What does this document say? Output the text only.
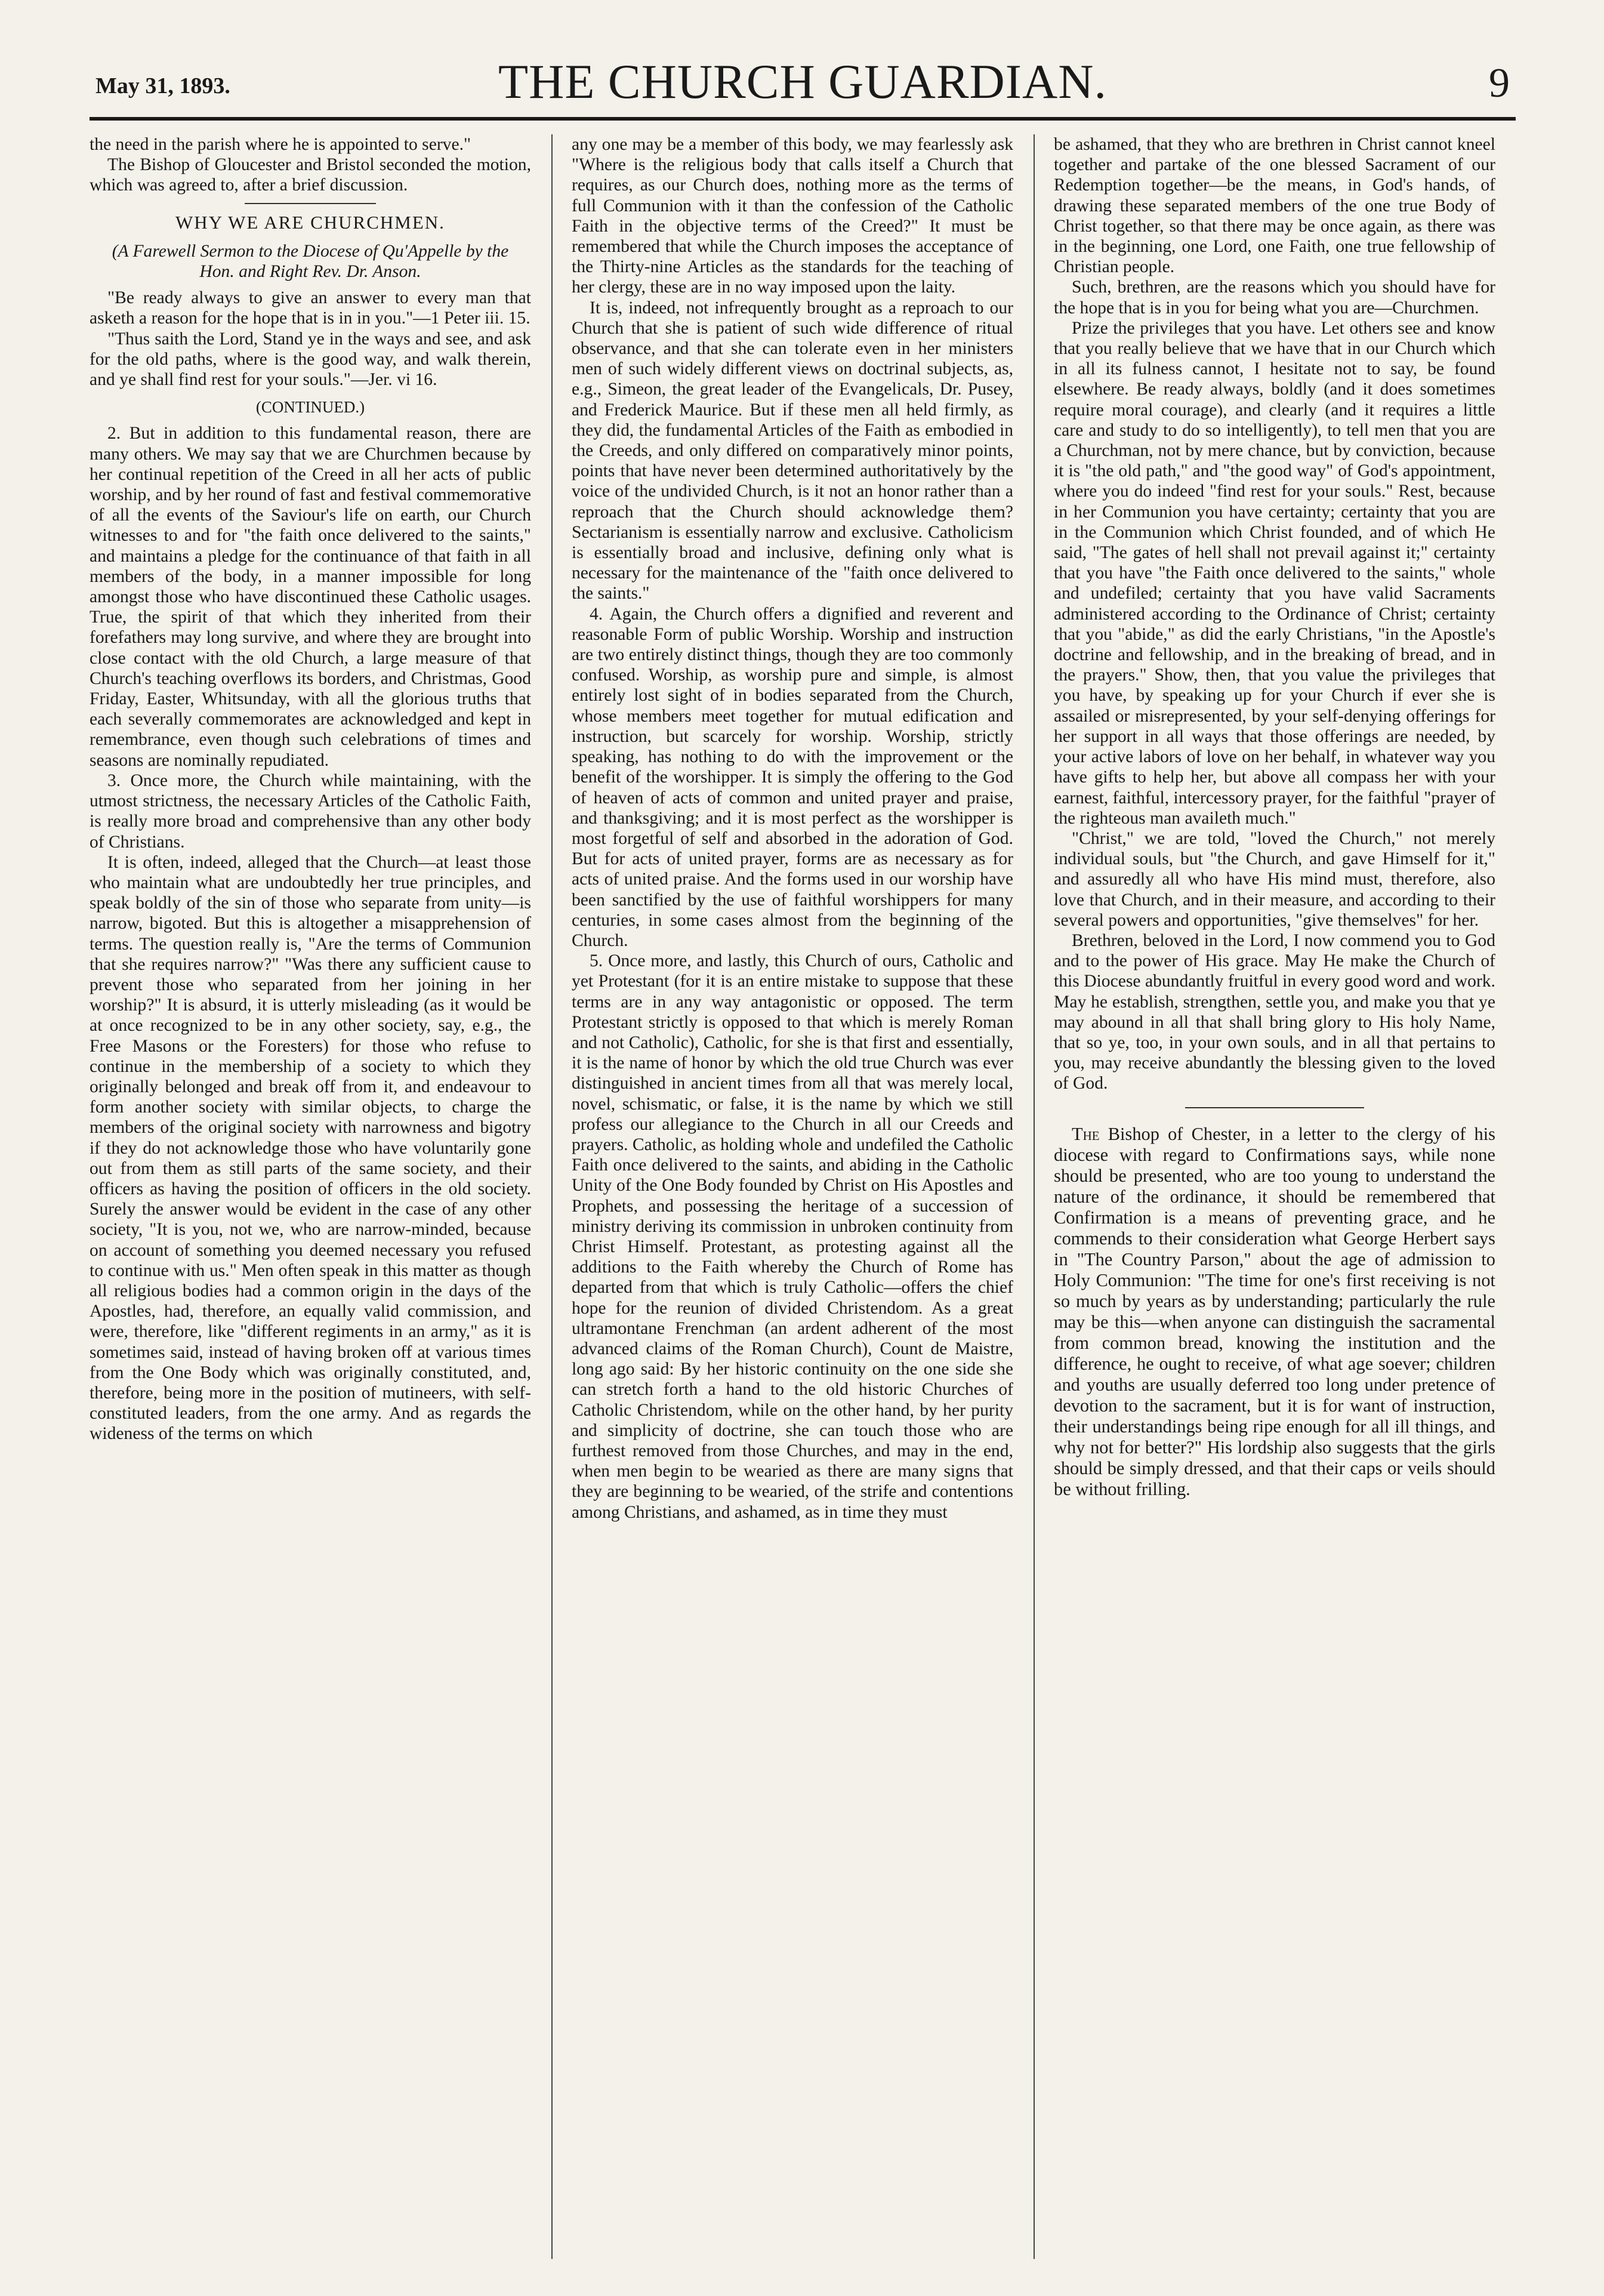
May 31, 1893.	THE CHURCH GUARDIAN.	9

the need in the parish where he is appointed to serve."

The Bishop of Gloucester and Bristol seconded the motion, which was agreed to, after a brief discussion.

WHY WE ARE CHURCHMEN.

(A Farewell Sermon to the Diocese of Qu'Appelle by the Hon. and Right Rev. Dr. Anson.

"Be ready always to give an answer to every man that asketh a reason for the hope that is in in you."—1 Peter iii. 15.

"Thus saith the Lord, Stand ye in the ways and see, and ask for the old paths, where is the good way, and walk therein, and ye shall find rest for your souls."—Jer. vi 16.

(CONTINUED.)

2. But in addition to this fundamental reason, there are many others. We may say that we are Churchmen because by her continual repetition of the Creed in all her acts of public worship, and by her round of fast and festival commemorative of all the events of the Saviour's life on earth, our Church witnesses to and for "the faith once delivered to the saints," and maintains a pledge for the continuance of that faith in all members of the body, in a manner impossible for long amongst those who have discontinued these Catholic usages. True, the spirit of that which they inherited from their forefathers may long survive, and where they are brought into close contact with the old Church, a large measure of that Church's teaching overflows its borders, and Christmas, Good Friday, Easter, Whitsunday, with all the glorious truths that each severally commemorates are acknowledged and kept in remembrance, even though such celebrations of times and seasons are nominally repudiated.

3. Once more, the Church while maintaining, with the utmost strictness, the necessary Articles of the Catholic Faith, is really more broad and comprehensive than any other body of Christians.

It is often, indeed, alleged that the Church—at least those who maintain what are undoubtedly her true principles, and speak boldly of the sin of those who separate from unity—is narrow, bigoted. But this is altogether a misapprehension of terms. The question really is, "Are the terms of Communion that she requires narrow?" "Was there any sufficient cause to prevent those who separated from her joining in her worship?" It is absurd, it is utterly misleading (as it would be at once recognized to be in any other society, say, e.g., the Free Masons or the Foresters) for those who refuse to continue in the membership of a society to which they originally belonged and break off from it, and endeavour to form another society with similar objects, to charge the members of the original society with narrowness and bigotry if they do not acknowledge those who have voluntarily gone out from them as still parts of the same society, and their officers as having the position of officers in the old society. Surely the answer would be evident in the case of any other society, "It is you, not we, who are narrow-minded, because on account of something you deemed necessary you refused to continue with us." Men often speak in this matter as though all religious bodies had a common origin in the days of the Apostles, had, therefore, an equally valid commission, and were, therefore, like "different regiments in an army," as it is sometimes said, instead of having broken off at various times from the One Body which was originally constituted, and, therefore, being more in the position of mutineers, with self-constituted leaders, from the one army. And as regards the wideness of the terms on which

any one may be a member of this body, we may fearlessly ask "Where is the religious body that calls itself a Church that requires, as our Church does, nothing more as the terms of full Communion with it than the confession of the Catholic Faith in the objective terms of the Creed?" It must be remembered that while the Church imposes the acceptance of the Thirty-nine Articles as the standards for the teaching of her clergy, these are in no way imposed upon the laity.

It is, indeed, not infrequently brought as a reproach to our Church that she is patient of such wide difference of ritual observance, and that she can tolerate even in her ministers men of such widely different views on doctrinal subjects, as, e.g., Simeon, the great leader of the Evangelicals, Dr. Pusey, and Frederick Maurice. But if these men all held firmly, as they did, the fundamental Articles of the Faith as embodied in the Creeds, and only differed on comparatively minor points, points that have never been determined authoritatively by the voice of the undivided Church, is it not an honor rather than a reproach that the Church should acknowledge them? Sectarianism is essentially narrow and exclusive. Catholicism is essentially broad and inclusive, defining only what is necessary for the maintenance of the "faith once delivered to the saints."

4. Again, the Church offers a dignified and reverent and reasonable Form of public Worship. Worship and instruction are two entirely distinct things, though they are too commonly confused. Worship, as worship pure and simple, is almost entirely lost sight of in bodies separated from the Church, whose members meet together for mutual edification and instruction, but scarcely for worship. Worship, strictly speaking, has nothing to do with the improvement or the benefit of the worshipper. It is simply the offering to the God of heaven of acts of common and united prayer and praise, and thanksgiving; and it is most perfect as the worshipper is most forgetful of self and absorbed in the adoration of God. But for acts of united prayer, forms are as necessary as for acts of united praise. And the forms used in our worship have been sanctified by the use of faithful worshippers for many centuries, in some cases almost from the beginning of the Church.

5. Once more, and lastly, this Church of ours, Catholic and yet Protestant (for it is an entire mistake to suppose that these terms are in any way antagonistic or opposed. The term Protestant strictly is opposed to that which is merely Roman and not Catholic), Catholic, for she is that first and essentially, it is the name of honor by which the old true Church was ever distinguished in ancient times from all that was merely local, novel, schismatic, or false, it is the name by which we still profess our allegiance to the Church in all our Creeds and prayers. Catholic, as holding whole and undefiled the Catholic Faith once delivered to the saints, and abiding in the Catholic Unity of the One Body founded by Christ on His Apostles and Prophets, and possessing the heritage of a succession of ministry deriving its commission in unbroken continuity from Christ Himself. Protestant, as protesting against all the additions to the Faith whereby the Church of Rome has departed from that which is truly Catholic—offers the chief hope for the reunion of divided Christendom. As a great ultramontane Frenchman (an ardent adherent of the most advanced claims of the Roman Church), Count de Maistre, long ago said: By her historic continuity on the one side she can stretch forth a hand to the old historic Churches of Catholic Christendom, while on the other hand, by her purity and simplicity of doctrine, she can touch those who are furthest removed from those Churches, and may in the end, when men begin to be wearied as there are many signs that they are beginning to be wearied, of the strife and contentions among Christians, and ashamed, as in time they must

be ashamed, that they who are brethren in Christ cannot kneel together and partake of the one blessed Sacrament of our Redemption together—be the means, in God's hands, of drawing these separated members of the one true Body of Christ together, so that there may be once again, as there was in the beginning, one Lord, one Faith, one true fellowship of Christian people.

Such, brethren, are the reasons which you should have for the hope that is in you for being what you are—Churchmen.

Prize the privileges that you have. Let others see and know that you really believe that we have that in our Church which in all its fulness cannot, I hesitate not to say, be found elsewhere. Be ready always, boldly (and it does sometimes require moral courage), and clearly (and it requires a little care and study to do so intelligently), to tell men that you are a Churchman, not by mere chance, but by conviction, because it is "the old path," and "the good way" of God's appointment, where you do indeed "find rest for your souls." Rest, because in her Communion you have certainty; certainty that you are in the Communion which Christ founded, and of which He said, "The gates of hell shall not prevail against it;" certainty that you have "the Faith once delivered to the saints," whole and undefiled; certainty that you have valid Sacraments administered according to the Ordinance of Christ; certainty that you "abide," as did the early Christians, "in the Apostle's doctrine and fellowship, and in the breaking of bread, and in the prayers." Show, then, that you value the privileges that you have, by speaking up for your Church if ever she is assailed or misrepresented, by your self-denying offerings for her support in all ways that those offerings are needed, by your active labors of love on her behalf, in whatever way you have gifts to help her, but above all compass her with your earnest, faithful, intercessory prayer, for the faithful "prayer of the righteous man availeth much."

"Christ," we are told, "loved the Church," not merely individual souls, but "the Church, and gave Himself for it," and assuredly all who have His mind must, therefore, also love that Church, and in their measure, and according to their several powers and opportunities, "give themselves" for her.

Brethren, beloved in the Lord, I now commend you to God and to the power of His grace. May He make the Church of this Diocese abundantly fruitful in every good word and work. May he establish, strengthen, settle you, and make you that ye may abound in all that shall bring glory to His holy Name, that so ye, too, in your own souls, and in all that pertains to you, may receive abundantly the blessing given to the loved of God.

The Bishop of Chester, in a letter to the clergy of his diocese with regard to Confirmations says, while none should be presented, who are too young to understand the nature of the ordinance, it should be remembered that Confirmation is a means of preventing grace, and he commends to their consideration what George Herbert says in "The Country Parson," about the age of admission to Holy Communion: "The time for one's first receiving is not so much by years as by understanding; particularly the rule may be this—when anyone can distinguish the sacramental from common bread, knowing the institution and the difference, he ought to receive, of what age soever; children and youths are usually deferred too long under pretence of devotion to the sacrament, but it is for want of instruction, their understandings being ripe enough for all ill things, and why not for better?" His lordship also suggests that the girls should be simply dressed, and that their caps or veils should be without frilling.
